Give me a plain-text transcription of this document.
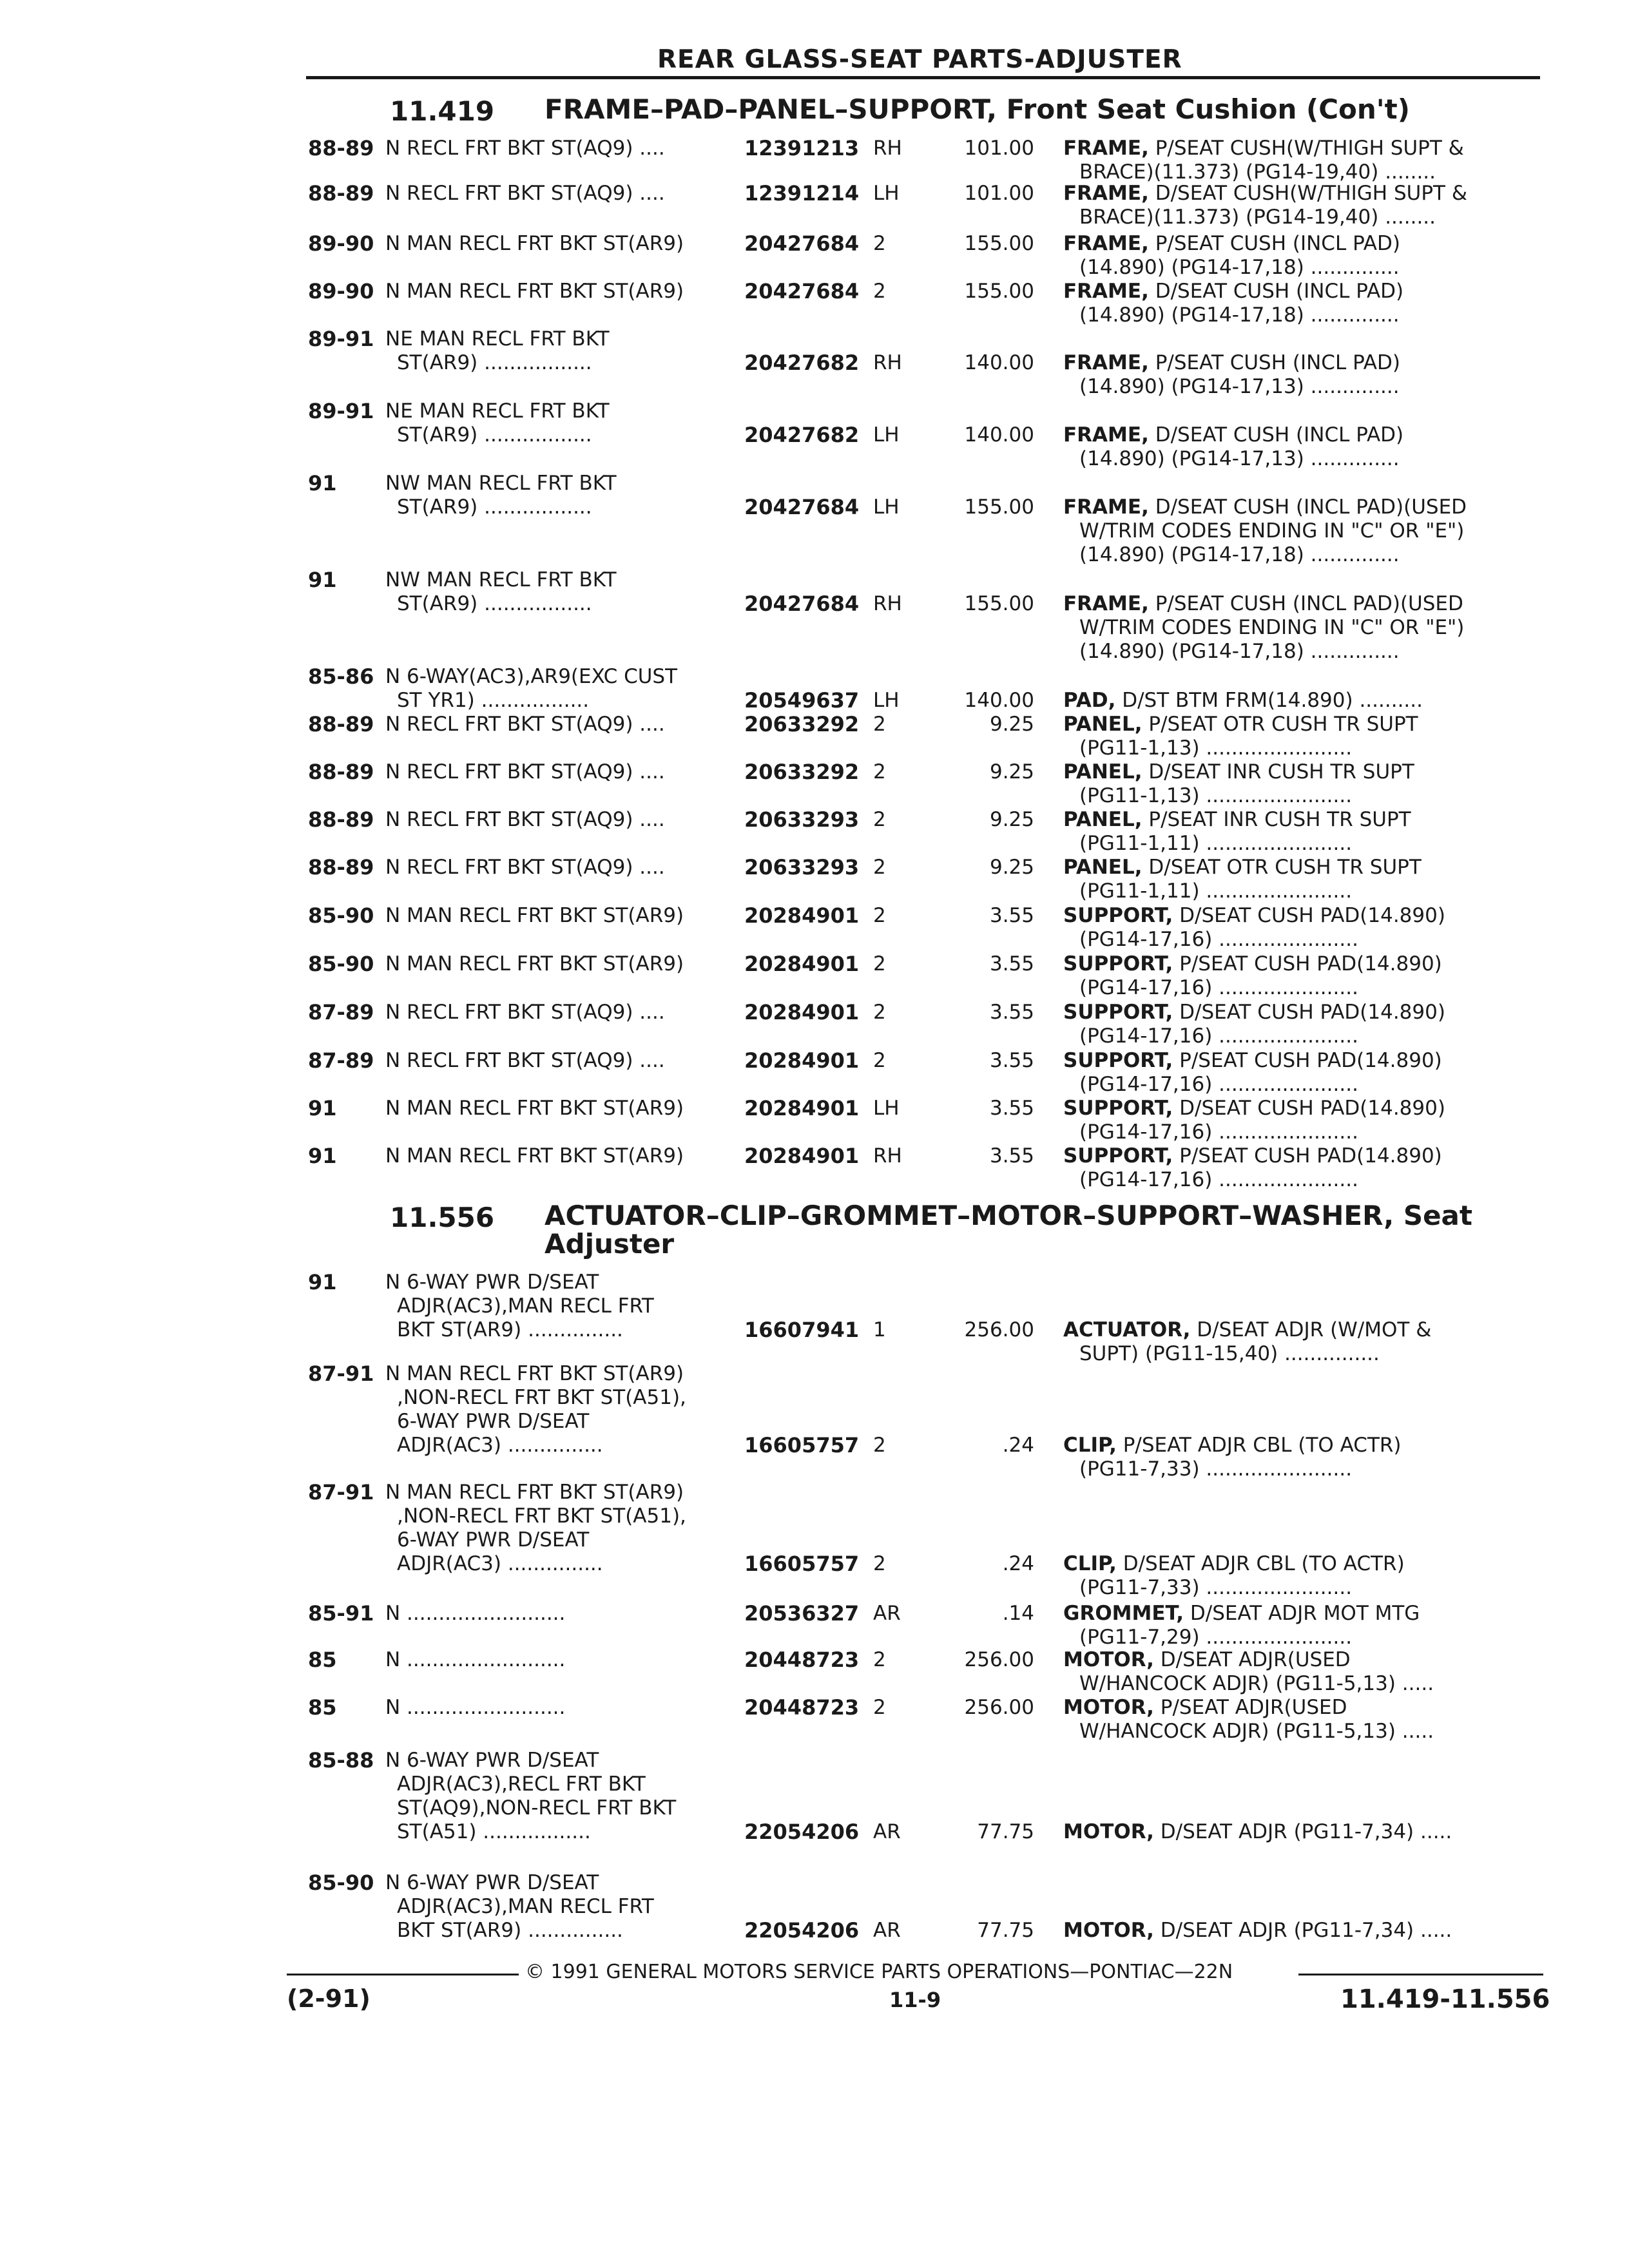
REAR GLASS-SEAT PARTS-ADJUSTER
11.419 FRAME–PAD–PANEL–SUPPORT, Front Seat Cushion (Con't)
11.556 ACTUATOR–CLIP–GROMMET–MOTOR–SUPPORT–WASHER, Seat
Adjuster
88-89 N RECL FRT BKT ST(AQ9) ....	12391213 RH	101.00 FRAME, P/SEAT CUSH(W/THIGH SUPT &
BRACE)(11.373) (PG14-19,40) ........
88-89 N RECL FRT BKT ST(AQ9) ....	12391214 LH	101.00 FRAME, D/SEAT CUSH(W/THIGH SUPT &
BRACE)(11.373) (PG14-19,40) ........
89-90 N MAN RECL FRT BKT ST(AR9)	20427684 2	155.00 FRAME, P/SEAT CUSH (INCL PAD)
(14.890) (PG14-17,18) ..............
89-90 N MAN RECL FRT BKT ST(AR9)	20427684 2	155.00 FRAME, D/SEAT CUSH (INCL PAD)
(14.890) (PG14-17,18) ..............
89-91 NE MAN RECL FRT BKT
ST(AR9) .................	20427682 RH	140.00 FRAME, P/SEAT CUSH (INCL PAD)
(14.890) (PG14-17,13) ..............
89-91 NE MAN RECL FRT BKT
ST(AR9) .................	20427682 LH	140.00 FRAME, D/SEAT CUSH (INCL PAD)
(14.890) (PG14-17,13) ..............
91 NW MAN RECL FRT BKT
ST(AR9) .................	20427684 LH	155.00 FRAME, D/SEAT CUSH (INCL PAD)(USED
W/TRIM CODES ENDING IN "C" OR "E")
(14.890) (PG14-17,18) ..............
91 NW MAN RECL FRT BKT
ST(AR9) .................	20427684 RH	155.00 FRAME, P/SEAT CUSH (INCL PAD)(USED
W/TRIM CODES ENDING IN "C" OR "E")
(14.890) (PG14-17,18) ..............
85-86 N 6-WAY(AC3),AR9(EXC CUST
ST YR1) .................	20549637 LH	140.00 PAD, D/ST BTM FRM(14.890) ..........
88-89 N RECL FRT BKT ST(AQ9) ....	20633292 2	9.25 PANEL, P/SEAT OTR CUSH TR SUPT
(PG11-1,13) .......................
88-89 N RECL FRT BKT ST(AQ9) ....	20633292 2	9.25 PANEL, D/SEAT INR CUSH TR SUPT
(PG11-1,13) .......................
88-89 N RECL FRT BKT ST(AQ9) ....	20633293 2	9.25 PANEL, P/SEAT INR CUSH TR SUPT
(PG11-1,11) .......................
88-89 N RECL FRT BKT ST(AQ9) ....	20633293 2	9.25 PANEL, D/SEAT OTR CUSH TR SUPT
(PG11-1,11) .......................
85-90 N MAN RECL FRT BKT ST(AR9)	20284901 2	3.55 SUPPORT, D/SEAT CUSH PAD(14.890)
(PG14-17,16) ......................
85-90 N MAN RECL FRT BKT ST(AR9)	20284901 2	3.55 SUPPORT, P/SEAT CUSH PAD(14.890)
(PG14-17,16) ......................
87-89 N RECL FRT BKT ST(AQ9) ....	20284901 2	3.55 SUPPORT, D/SEAT CUSH PAD(14.890)
(PG14-17,16) ......................
87-89 N RECL FRT BKT ST(AQ9) ....	20284901 2	3.55 SUPPORT, P/SEAT CUSH PAD(14.890)
(PG14-17,16) ......................
91 N MAN RECL FRT BKT ST(AR9)	20284901 LH	3.55 SUPPORT, D/SEAT CUSH PAD(14.890)
(PG14-17,16) ......................
91 N MAN RECL FRT BKT ST(AR9)	20284901 RH	3.55 SUPPORT, P/SEAT CUSH PAD(14.890)
(PG14-17,16) ......................
91 N 6-WAY PWR D/SEAT
ADJR(AC3),MAN RECL FRT
BKT ST(AR9) ...............	16607941 1	256.00 ACTUATOR, D/SEAT ADJR (W/MOT &
SUPT) (PG11-15,40) ...............
87-91 N MAN RECL FRT BKT ST(AR9)
,NON-RECL FRT BKT ST(A51),
6-WAY PWR D/SEAT
ADJR(AC3) ...............	16605757 2	.24 CLIP, P/SEAT ADJR CBL (TO ACTR)
(PG11-7,33) .......................
87-91 N MAN RECL FRT BKT ST(AR9)
,NON-RECL FRT BKT ST(A51),
6-WAY PWR D/SEAT
ADJR(AC3) ...............	16605757 2	.24 CLIP, D/SEAT ADJR CBL (TO ACTR)
(PG11-7,33) .......................
85-91 N .........................	20536327 AR	.14 GROMMET, D/SEAT ADJR MOT MTG
(PG11-7,29) .......................
85 N .........................	20448723 2	256.00 MOTOR, D/SEAT ADJR(USED
W/HANCOCK ADJR) (PG11-5,13) .....
85 N .........................	20448723 2	256.00 MOTOR, P/SEAT ADJR(USED
W/HANCOCK ADJR) (PG11-5,13) .....
85-88 N 6-WAY PWR D/SEAT
ADJR(AC3),RECL FRT BKT
ST(AQ9),NON-RECL FRT BKT
ST(A51) .................	22054206 AR	77.75 MOTOR, D/SEAT ADJR (PG11-7,34) .....
85-90 N 6-WAY PWR D/SEAT
ADJR(AC3),MAN RECL FRT
BKT ST(AR9) ...............	22054206 AR	77.75 MOTOR, D/SEAT ADJR (PG11-7,34) .....
© 1991 GENERAL MOTORS SERVICE PARTS OPERATIONS—PONTIAC—22N
(2-91)	11-9	11.419-11.556
